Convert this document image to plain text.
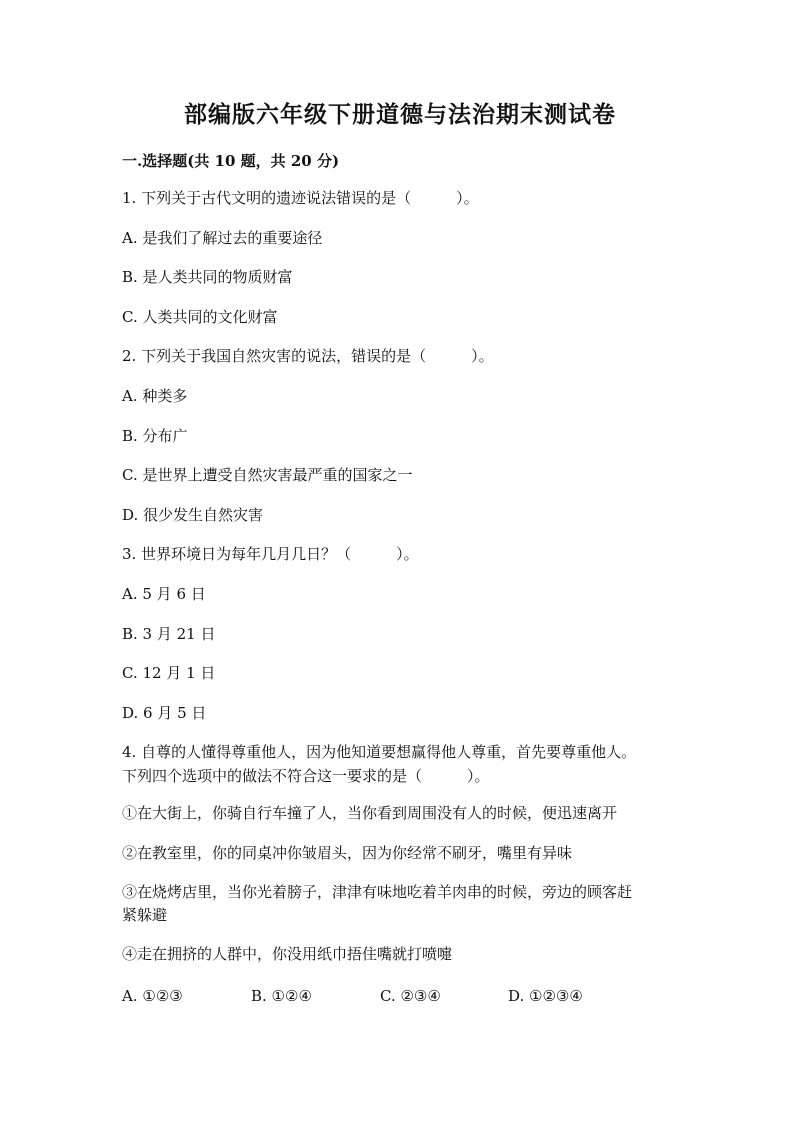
部编版六年级下册道德与法治期末测试卷
一.选择题(共 10 题，共 20 分)
1. 下列关于古代文明的遗迹说法错误的是（　　　）。
A. 是我们了解过去的重要途径
B. 是人类共同的物质财富
C. 人类共同的文化财富
2. 下列关于我国自然灾害的说法，错误的是（　　　）。
A. 种类多
B. 分布广
C. 是世界上遭受自然灾害最严重的国家之一
D. 很少发生自然灾害
3. 世界环境日为每年几月几日？（　　　）。
A. 5 月 6 日
B. 3 月 21 日
C. 12 月 1 日
D. 6 月 5 日
4. 自尊的人懂得尊重他人，因为他知道要想赢得他人尊重，首先要尊重他人。
下列四个选项中的做法不符合这一要求的是（　　　）。
①在大街上，你骑自行车撞了人，当你看到周围没有人的时候，便迅速离开
②在教室里，你的同桌冲你皱眉头，因为你经常不刷牙，嘴里有异味
③在烧烤店里，当你光着膀子，津津有味地吃着羊肉串的时候，旁边的顾客赶
紧躲避
④走在拥挤的人群中，你没用纸巾捂住嘴就打喷嚏
A. ①②③	B. ①②④	C. ②③④	D. ①②③④
